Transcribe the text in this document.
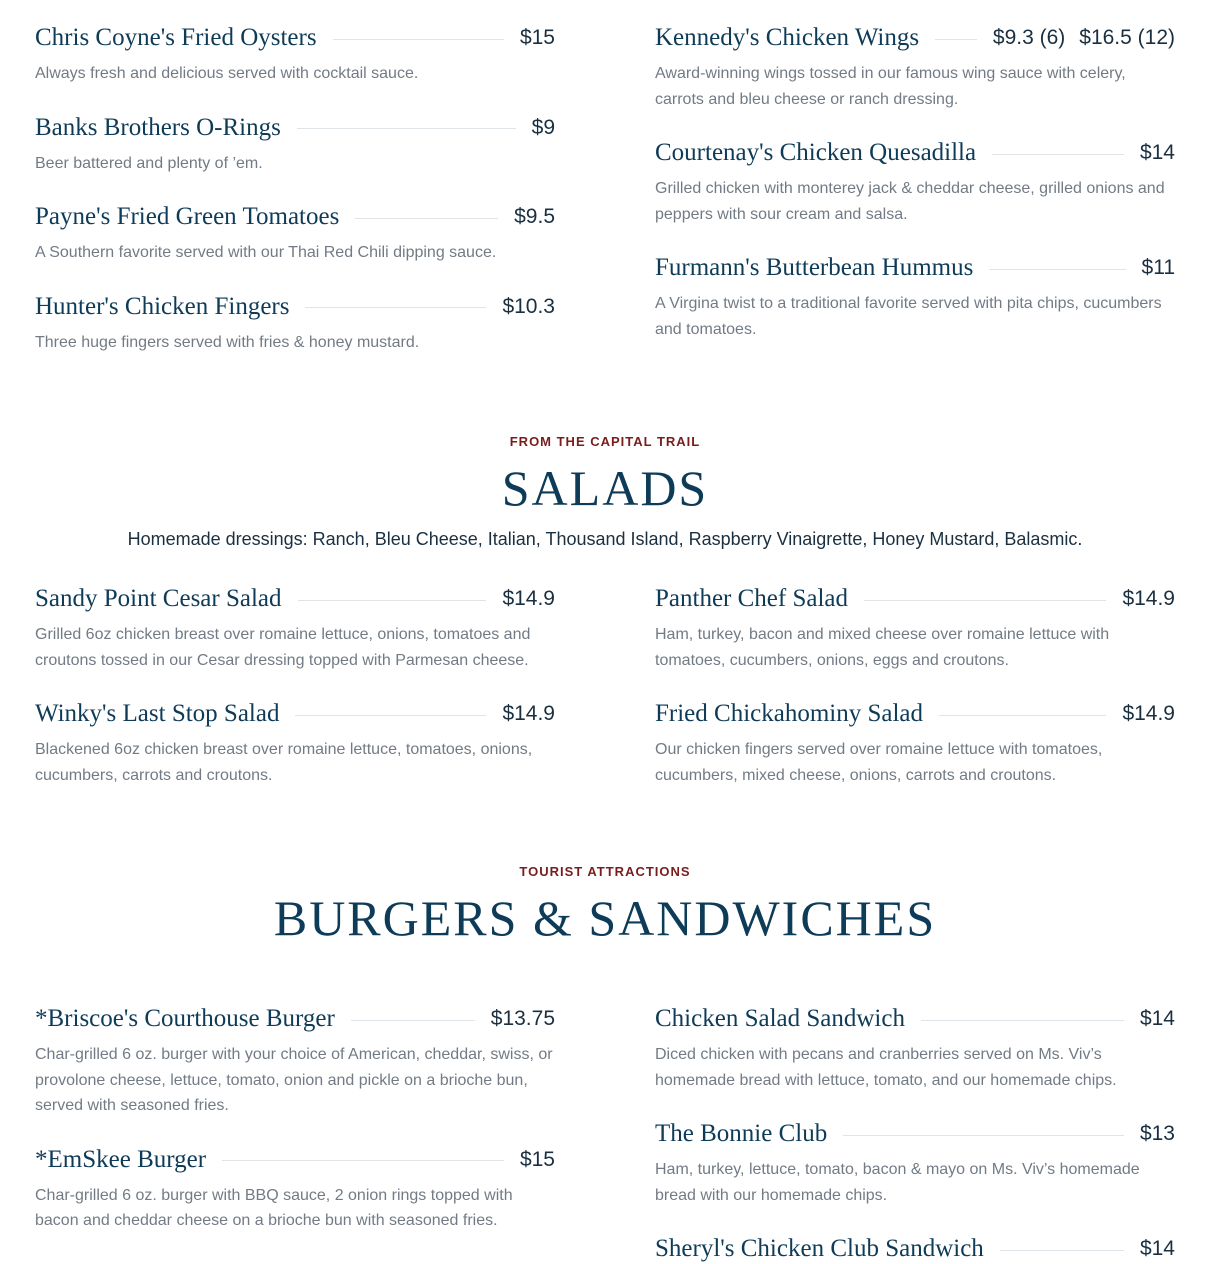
Chris Coyne's Fried Oysters	$15
Always fresh and delicious served with cocktail sauce.
Banks Brothers O-Rings	$9
Beer battered and plenty of ’em.
Payne's Fried Green Tomatoes	$9.5
A Southern favorite served with our Thai Red Chili dipping sauce.
Hunter's Chicken Fingers	$10.3
Three huge fingers served with fries & honey mustard.
Kennedy's Chicken Wings	$9.3 (6) $16.5 (12)
Award-winning wings tossed in our famous wing sauce with celery, carrots and bleu cheese or ranch dressing.
Courtenay's Chicken Quesadilla	$14
Grilled chicken with monterey jack & cheddar cheese, grilled onions and peppers with sour cream and salsa.
Furmann's Butterbean Hummus	$11
A Virgina twist to a traditional favorite served with pita chips, cucumbers and tomatoes.
FROM THE CAPITAL TRAIL
SALADS
Homemade dressings: Ranch, Bleu Cheese, Italian, Thousand Island, Raspberry Vinaigrette, Honey Mustard, Balasmic.
Sandy Point Cesar Salad	$14.9
Grilled 6oz chicken breast over romaine lettuce, onions, tomatoes and croutons tossed in our Cesar dressing topped with Parmesan cheese.
Winky's Last Stop Salad	$14.9
Blackened 6oz chicken breast over romaine lettuce, tomatoes, onions, cucumbers, carrots and croutons.
Panther Chef Salad	$14.9
Ham, turkey, bacon and mixed cheese over romaine lettuce with tomatoes, cucumbers, onions, eggs and croutons.
Fried Chickahominy Salad	$14.9
Our chicken fingers served over romaine lettuce with tomatoes, cucumbers, mixed cheese, onions, carrots and croutons.
TOURIST ATTRACTIONS
BURGERS & SANDWICHES
*Briscoe's Courthouse Burger	$13.75
Char-grilled 6 oz. burger with your choice of American, cheddar, swiss, or provolone cheese, lettuce, tomato, onion and pickle on a brioche bun, served with seasoned fries.
*EmSkee Burger	$15
Char-grilled 6 oz. burger with BBQ sauce, 2 onion rings topped with bacon and cheddar cheese on a brioche bun with seasoned fries.
Chicken Salad Sandwich	$14
Diced chicken with pecans and cranberries served on Ms. Viv’s homemade bread with lettuce, tomato, and our homemade chips.
The Bonnie Club	$13
Ham, turkey, lettuce, tomato, bacon & mayo on Ms. Viv’s homemade bread with our homemade chips.
Sheryl's Chicken Club Sandwich	$14
